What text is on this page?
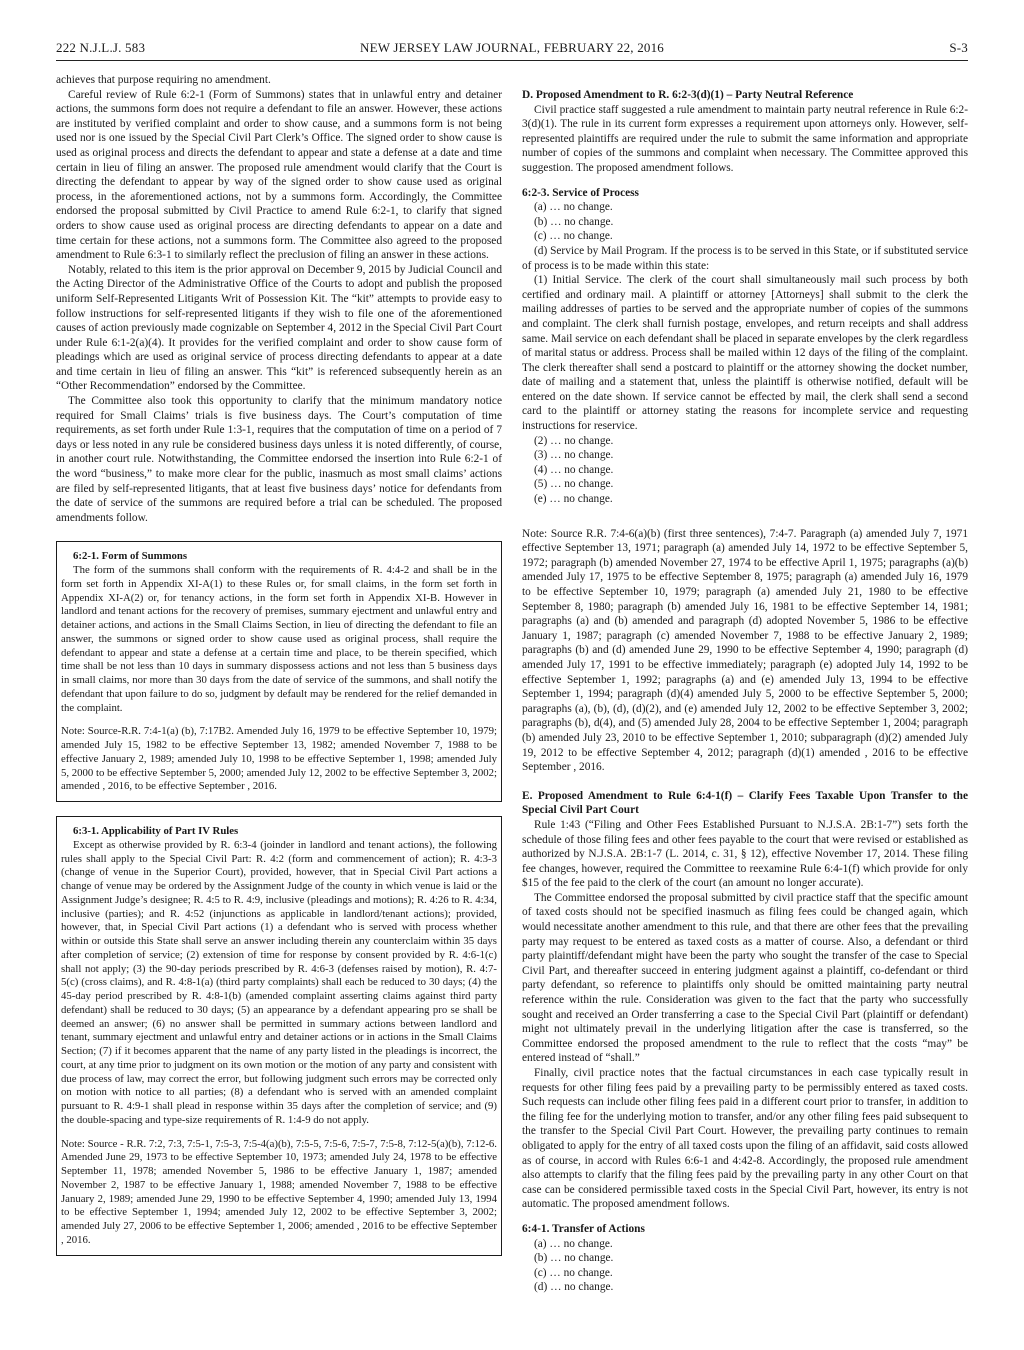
222 N.J.L.J. 583	NEW JERSEY LAW JOURNAL, FEBRUARY 22, 2016	S-3

achieves that purpose requiring no amendment.

Careful review of Rule 6:2-1 (Form of Summons) states that in unlawful entry and detainer actions, the summons form does not require a defendant to file an answer. However, these actions are instituted by verified complaint and order to show cause, and a summons form is not being used nor is one issued by the Special Civil Part Clerk’s Office. The signed order to show cause is used as original process and directs the defendant to appear and state a defense at a date and time certain in lieu of filing an answer. The proposed rule amendment would clarify that the Court is directing the defendant to appear by way of the signed order to show cause used as original process, in the aforementioned actions, not by a summons form. Accordingly, the Committee endorsed the proposal submitted by Civil Practice to amend Rule 6:2-1, to clarify that signed orders to show cause used as original process are directing defendants to appear on a date and time certain for these actions, not a summons form. The Committee also agreed to the proposed amendment to Rule 6:3-1 to similarly reflect the preclusion of filing an answer in these actions.

Notably, related to this item is the prior approval on December 9, 2015 by Judicial Council and the Acting Director of the Administrative Office of the Courts to adopt and publish the proposed uniform Self-Represented Litigants Writ of Possession Kit. The “kit” attempts to provide easy to follow instructions for self-represented litigants if they wish to file one of the aforementioned causes of action previously made cognizable on September 4, 2012 in the Special Civil Part Court under Rule 6:1-2(a)(4). It provides for the verified complaint and order to show cause form of pleadings which are used as original service of process directing defendants to appear at a date and time certain in lieu of filing an answer. This “kit” is referenced subsequently herein as an “Other Recommendation” endorsed by the Committee.

The Committee also took this opportunity to clarify that the minimum mandatory notice required for Small Claims’ trials is five business days. The Court’s computation of time requirements, as set forth under Rule 1:3-1, requires that the computation of time on a period of 7 days or less noted in any rule be considered business days unless it is noted differently, of course, in another court rule. Notwithstanding, the Committee endorsed the insertion into Rule 6:2-1 of the word “business,” to make more clear for the public, inasmuch as most small claims’ actions are filed by self-represented litigants, that at least five business days’ notice for defendants from the date of service of the summons are required before a trial can be scheduled. The proposed amendments follow.

6:2-1. Form of Summons

The form of the summons shall conform with the requirements of R. 4:4-2 and shall be in the form set forth in Appendix XI-A(1) to these Rules or, for small claims, in the form set forth in Appendix XI-A(2) or, for tenancy actions, in the form set forth in Appendix XI-B. However in landlord and tenant actions for the recovery of premises, summary ejectment and unlawful entry and detainer actions, and actions in the Small Claims Section, in lieu of directing the defendant to file an answer, the summons or signed order to show cause used as original process, shall require the defendant to appear and state a defense at a certain time and place, to be therein specified, which time shall be not less than 10 days in summary dispossess actions and not less than 5 business days in small claims, nor more than 30 days from the date of service of the summons, and shall notify the defendant that upon failure to do so, judgment by default may be rendered for the relief demanded in the complaint.

Note: Source-R.R. 7:4-1(a) (b), 7:17B2. Amended July 16, 1979 to be effective September 10, 1979; amended July 15, 1982 to be effective September 13, 1982; amended November 7, 1988 to be effective January 2, 1989; amended July 10, 1998 to be effective September 1, 1998; amended July 5, 2000 to be effective September 5, 2000; amended July 12, 2002 to be effective September 3, 2002; amended , 2016, to be effective September , 2016.

6:3-1. Applicability of Part IV Rules

Except as otherwise provided by R. 6:3-4 (joinder in landlord and tenant actions), the following rules shall apply to the Special Civil Part: R. 4:2 (form and commencement of action); R. 4:3-3 (change of venue in the Superior Court), provided, however, that in Special Civil Part actions a change of venue may be ordered by the Assignment Judge of the county in which venue is laid or the Assignment Judge’s designee; R. 4:5 to R. 4:9, inclusive (pleadings and motions); R. 4:26 to R. 4:34, inclusive (parties); and R. 4:52 (injunctions as applicable in landlord/tenant actions); provided, however, that, in Special Civil Part actions (1) a defendant who is served with process whether within or outside this State shall serve an answer including therein any counterclaim within 35 days after completion of service; (2) extension of time for response by consent provided by R. 4:6-1(c) shall not apply; (3) the 90-day periods prescribed by R. 4:6-3 (defenses raised by motion), R. 4:7-5(c) (cross claims), and R. 4:8-1(a) (third party complaints) shall each be reduced to 30 days; (4) the 45-day period prescribed by R. 4:8-1(b) (amended complaint asserting claims against third party defendant) shall be reduced to 30 days; (5) an appearance by a defendant appearing pro se shall be deemed an answer; (6) no answer shall be permitted in summary actions between landlord and tenant, summary ejectment and unlawful entry and detainer actions or in actions in the Small Claims Section; (7) if it becomes apparent that the name of any party listed in the pleadings is incorrect, the court, at any time prior to judgment on its own motion or the motion of any party and consistent with due process of law, may correct the error, but following judgment such errors may be corrected only on motion with notice to all parties; (8) a defendant who is served with an amended complaint pursuant to R. 4:9-1 shall plead in response within 35 days after the completion of service; and (9) the double-spacing and type-size requirements of R. 1:4-9 do not apply.

Note: Source - R.R. 7:2, 7:3, 7:5-1, 7:5-3, 7:5-4(a)(b), 7:5-5, 7:5-6, 7:5-7, 7:5-8, 7:12-5(a)(b), 7:12-6. Amended June 29, 1973 to be effective September 10, 1973; amended July 24, 1978 to be effective September 11, 1978; amended November 5, 1986 to be effective January 1, 1987; amended November 2, 1987 to be effective January 1, 1988; amended November 7, 1988 to be effective January 2, 1989; amended June 29, 1990 to be effective September 4, 1990; amended July 13, 1994 to be effective September 1, 1994; amended July 12, 2002 to be effective September 3, 2002; amended July 27, 2006 to be effective September 1, 2006; amended , 2016 to be effective September , 2016.

D. Proposed Amendment to R. 6:2-3(d)(1) – Party Neutral Reference

Civil practice staff suggested a rule amendment to maintain party neutral reference in Rule 6:2-3(d)(1). The rule in its current form expresses a requirement upon attorneys only. However, self-represented plaintiffs are required under the rule to submit the same information and appropriate number of copies of the summons and complaint when necessary. The Committee approved this suggestion. The proposed amendment follows.

6:2-3. Service of Process

(a) … no change.

(b) … no change.

(c) … no change.

(d) Service by Mail Program. If the process is to be served in this State, or if substituted service of process is to be made within this state:

(1) Initial Service. The clerk of the court shall simultaneously mail such process by both certified and ordinary mail. A plaintiff or attorney [Attorneys] shall submit to the clerk the mailing addresses of parties to be served and the appropriate number of copies of the summons and complaint. The clerk shall furnish postage, envelopes, and return receipts and shall address same. Mail service on each defendant shall be placed in separate envelopes by the clerk regardless of marital status or address. Process shall be mailed within 12 days of the filing of the complaint. The clerk thereafter shall send a postcard to plaintiff or the attorney showing the docket number, date of mailing and a statement that, unless the plaintiff is otherwise notified, default will be entered on the date shown. If service cannot be effected by mail, the clerk shall send a second card to the plaintiff or attorney stating the reasons for incomplete service and requesting instructions for reservice.

(2) … no change.

(3) … no change.

(4) … no change.

(5) … no change.

(e) … no change.

Note: Source R.R. 7:4-6(a)(b) (first three sentences), 7:4-7. Paragraph (a) amended July 7, 1971 effective September 13, 1971; paragraph (a) amended July 14, 1972 to be effective September 5, 1972; paragraph (b) amended November 27, 1974 to be effective April 1, 1975; paragraphs (a)(b) amended July 17, 1975 to be effective September 8, 1975; paragraph (a) amended July 16, 1979 to be effective September 10, 1979; paragraph (a) amended July 21, 1980 to be effective September 8, 1980; paragraph (b) amended July 16, 1981 to be effective September 14, 1981; paragraphs (a) and (b) amended and paragraph (d) adopted November 5, 1986 to be effective January 1, 1987; paragraph (c) amended November 7, 1988 to be effective January 2, 1989; paragraphs (b) and (d) amended June 29, 1990 to be effective September 4, 1990; paragraph (d) amended July 17, 1991 to be effective immediately; paragraph (e) adopted July 14, 1992 to be effective September 1, 1992; paragraphs (a) and (e) amended July 13, 1994 to be effective September 1, 1994; paragraph (d)(4) amended July 5, 2000 to be effective September 5, 2000; paragraphs (a), (b), (d), (d)(2), and (e) amended July 12, 2002 to be effective September 3, 2002; paragraphs (b), d(4), and (5) amended July 28, 2004 to be effective September 1, 2004; paragraph (b) amended July 23, 2010 to be effective September 1, 2010; subparagraph (d)(2) amended July 19, 2012 to be effective September 4, 2012; paragraph (d)(1) amended , 2016 to be effective September , 2016.

E. Proposed Amendment to Rule 6:4-1(f) – Clarify Fees Taxable Upon Transfer to the Special Civil Part Court

Rule 1:43 (“Filing and Other Fees Established Pursuant to N.J.S.A. 2B:1-7”) sets forth the schedule of those filing fees and other fees payable to the court that were revised or established as authorized by N.J.S.A. 2B:1-7 (L. 2014, c. 31, § 12), effective November 17, 2014. These filing fee changes, however, required the Committee to reexamine Rule 6:4-1(f) which provide for only $15 of the fee paid to the clerk of the court (an amount no longer accurate).

The Committee endorsed the proposal submitted by civil practice staff that the specific amount of taxed costs should not be specified inasmuch as filing fees could be changed again, which would necessitate another amendment to this rule, and that there are other fees that the prevailing party may request to be entered as taxed costs as a matter of course. Also, a defendant or third party plaintiff/defendant might have been the party who sought the transfer of the case to Special Civil Part, and thereafter succeed in entering judgment against a plaintiff, co-defendant or third party defendant, so reference to plaintiffs only should be omitted maintaining party neutral reference within the rule. Consideration was given to the fact that the party who successfully sought and received an Order transferring a case to the Special Civil Part (plaintiff or defendant) might not ultimately prevail in the underlying litigation after the case is transferred, so the Committee endorsed the proposed amendment to the rule to reflect that the costs “may” be entered instead of “shall.”

Finally, civil practice notes that the factual circumstances in each case typically result in requests for other filing fees paid by a prevailing party to be permissibly entered as taxed costs. Such requests can include other filing fees paid in a different court prior to transfer, in addition to the filing fee for the underlying motion to transfer, and/or any other filing fees paid subsequent to the transfer to the Special Civil Part Court. However, the prevailing party continues to remain obligated to apply for the entry of all taxed costs upon the filing of an affidavit, said costs allowed as of course, in accord with Rules 6:6-1 and 4:42-8. Accordingly, the proposed rule amendment also attempts to clarify that the filing fees paid by the prevailing party in any other Court on that case can be considered permissible taxed costs in the Special Civil Part, however, its entry is not automatic. The proposed amendment follows.

6:4-1. Transfer of Actions

(a) … no change.

(b) … no change.

(c) … no change.

(d) … no change.
